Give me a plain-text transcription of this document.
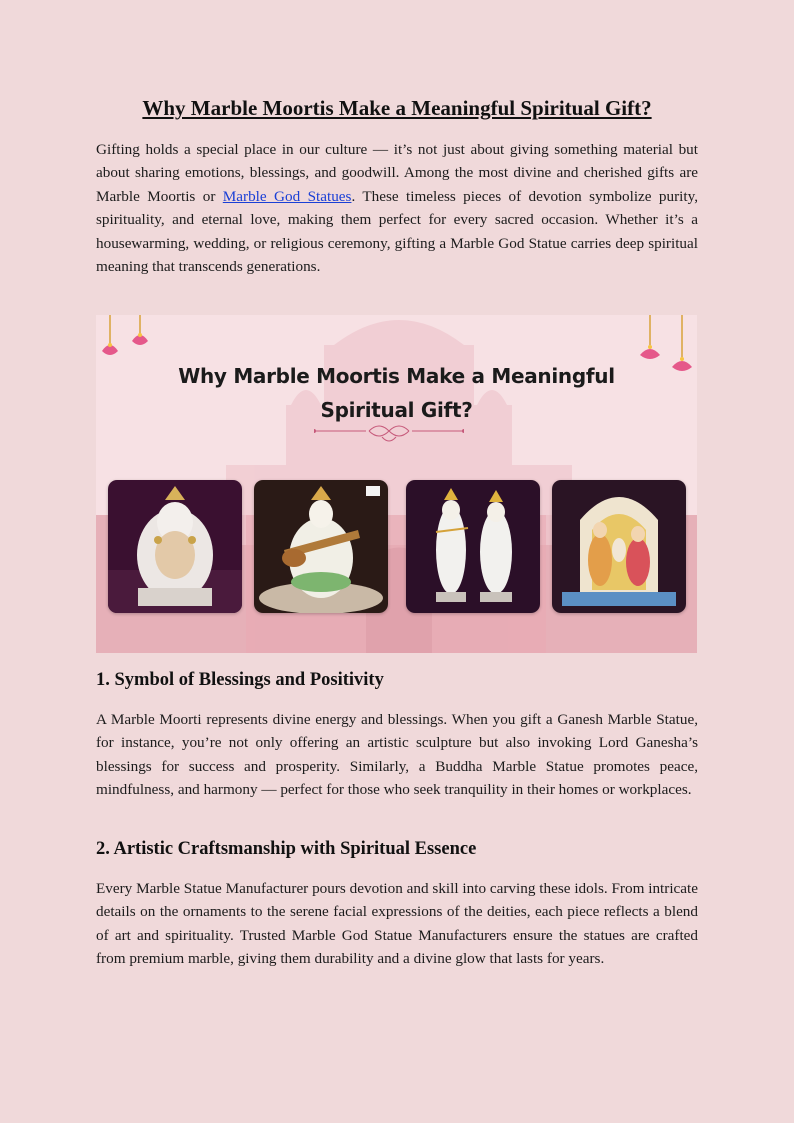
Why Marble Moortis Make a Meaningful Spiritual Gift?

Gifting holds a special place in our culture — it’s not just about giving something material but about sharing emotions, blessings, and goodwill. Among the most divine and cherished gifts are Marble Moortis or Marble God Statues. These timeless pieces of devotion symbolize purity, spirituality, and eternal love, making them perfect for every sacred occasion. Whether it’s a housewarming, wedding, or religious ceremony, gifting a Marble God Statue carries deep spiritual meaning that transcends generations.

Why Marble Moortis Make a Meaningful
Spiritual Gift?
1. Symbol of Blessings and Positivity

A Marble Moorti represents divine energy and blessings. When you gift a Ganesh Marble Statue, for instance, you’re not only offering an artistic sculpture but also invoking Lord Ganesha’s blessings for success and prosperity. Similarly, a Buddha Marble Statue promotes peace, mindfulness, and harmony — perfect for those who seek tranquility in their homes or workplaces.

2. Artistic Craftsmanship with Spiritual Essence

Every Marble Statue Manufacturer pours devotion and skill into carving these idols. From intricate details on the ornaments to the serene facial expressions of the deities, each piece reflects a blend of art and spirituality. Trusted Marble God Statue Manufacturers ensure the statues are crafted from premium marble, giving them durability and a divine glow that lasts for years.
